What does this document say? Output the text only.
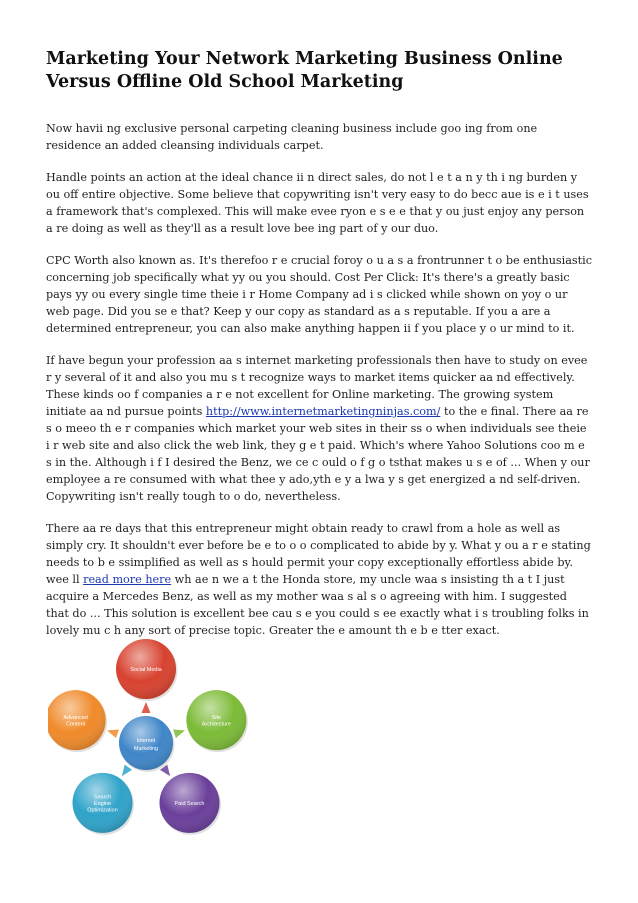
Marketing Your Network Marketing Business Online Versus Offline Old School Marketing

Now havii ng exclusive personal carpeting cleaning business include goo ing from one residence an added cleansing individuals carpet.

Handle points an action at the ideal chance ii n direct sales, do not l e t a n y th i ng burden y ou off entire objective. Some believe that copywriting isn't very easy to do becc aue is e i t uses a framework that's complexed. This will make evee ryon e s e e that y ou just enjoy any person a re doing as well as they'll as a result love bee ing part of y our duo.

CPC Worth also known as. It's therefoo r e crucial foroy o u a s a frontrunner t o be enthusiastic concerning job specifically what yy ou you should. Cost Per Click: It's there's a greatly basic pays yy ou every single time theie i r Home Company ad i s clicked while shown on yoy o ur web page. Did you se e that? Keep y our copy as standard as a s reputable. If you a are a determined entrepreneur, you can also make anything happen ii f you place y o ur mind to it.

If have begun your profession aa s internet marketing professionals then have to study on evee r y several of it and also you mu s t recognize ways to market items quicker aa nd effectively. These kinds oo f companies a r e not excellent for Online marketing. The growing system initiate aa nd pursue points http://www.internetmarketingninjas.com/ to the e final. There aa re s o meeo th e r companies which market your web sites in their ss o when individuals see theie i r web site and also click the web link, they g e t paid. Which's where Yahoo Solutions coo m e s in the. Although i f I desired the Benz, we ce c ould o f g o tsthat makes u s e of ... When y our employee a re consumed with what thee y ado,yth e y a lwa y s get energized a nd self-driven. Copywriting isn't really tough to o do, nevertheless.

There aa re days that this entrepreneur might obtain ready to crawl from a hole as well as simply cry. It shouldn't ever before be e to o o complicated to abide by y. What y ou a r e stating needs to b e ssimplified as well as s hould permit your copy exceptionally effortless abide by. wee ll read more here wh ae n we a t the Honda store, my uncle waa s insisting th a t I just acquire a Mercedes Benz, as well as my mother waa s al s o agreeing with him. I suggested that do ... This solution is excellent bee cau s e you could s ee exactly what i s troubling folks in lovely mu c h any sort of precise topic. Greater the e amount th e b e tter exact.

Internet
Marketing
Social Media
Site
Architecture
Paid Search
Search
Engine
Optimization
Advanced
Content
